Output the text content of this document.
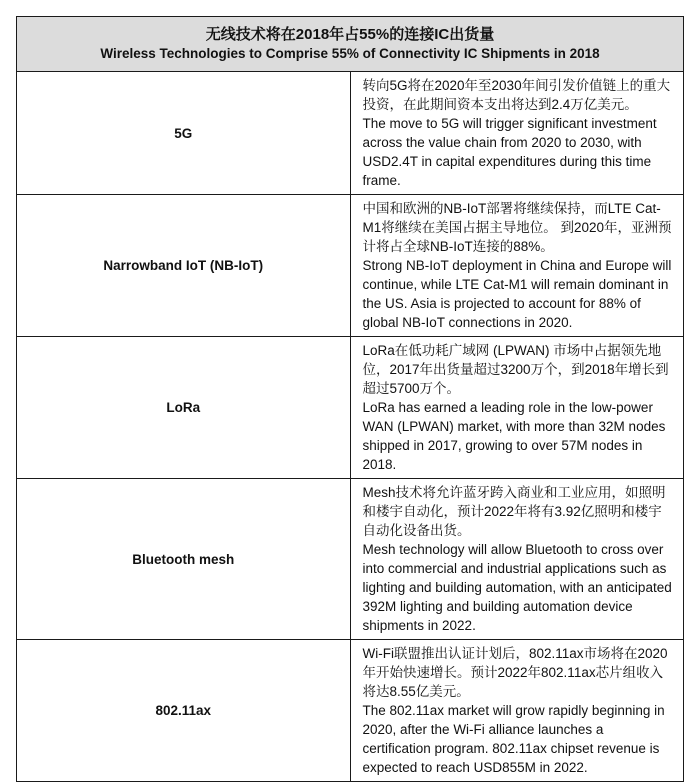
无线技术将在2018年占55%的连接IC出货量
Wireless Technologies to Comprise 55% of Connectivity IC Shipments in 2018	

5G	转向5G将在2020年至2030年间引发价值链上的重大投资，在此期间资本支出将达到2.4万亿美元。
The move to 5G will trigger significant investment across the value chain from 2020 to 2030, with USD2.4T in capital expenditures during this time frame.

Narrowband IoT (NB-IoT)	中国和欧洲的NB-IoT部署将继续保持，而LTE Cat-M1将继续在美国占据主导地位。 到2020年，亚洲预计将占全球NB-IoT连接的88%。
Strong NB-IoT deployment in China and Europe will continue, while LTE Cat-M1 will remain dominant in the US. Asia is projected to account for 88% of global NB-IoT connections in 2020.

LoRa	LoRa在低功耗广域网 (LPWAN) 市场中占据领先地位，2017年出货量超过3200万个，到2018年增长到超过5700万个。
LoRa has earned a leading role in the low-power WAN (LPWAN) market, with more than 32M nodes shipped in 2017, growing to over 57M nodes in 2018.

Bluetooth mesh	Mesh技术将允许蓝牙跨入商业和工业应用，如照明和楼宇自动化，预计2022年将有3.92亿照明和楼宇自动化设备出货。
Mesh technology will allow Bluetooth to cross over into commercial and industrial applications such as lighting and building automation, with an anticipated 392M lighting and building automation device shipments in 2022.

802.11ax	Wi-Fi联盟推出认证计划后，802.11ax市场将在2020年开始快速增长。预计2022年802.11ax芯片组收入将达8.55亿美元。
The 802.11ax market will grow rapidly beginning in 2020, after the Wi-Fi alliance launches a certification program. 802.11ax chipset revenue is expected to reach USD855M in 2022.
